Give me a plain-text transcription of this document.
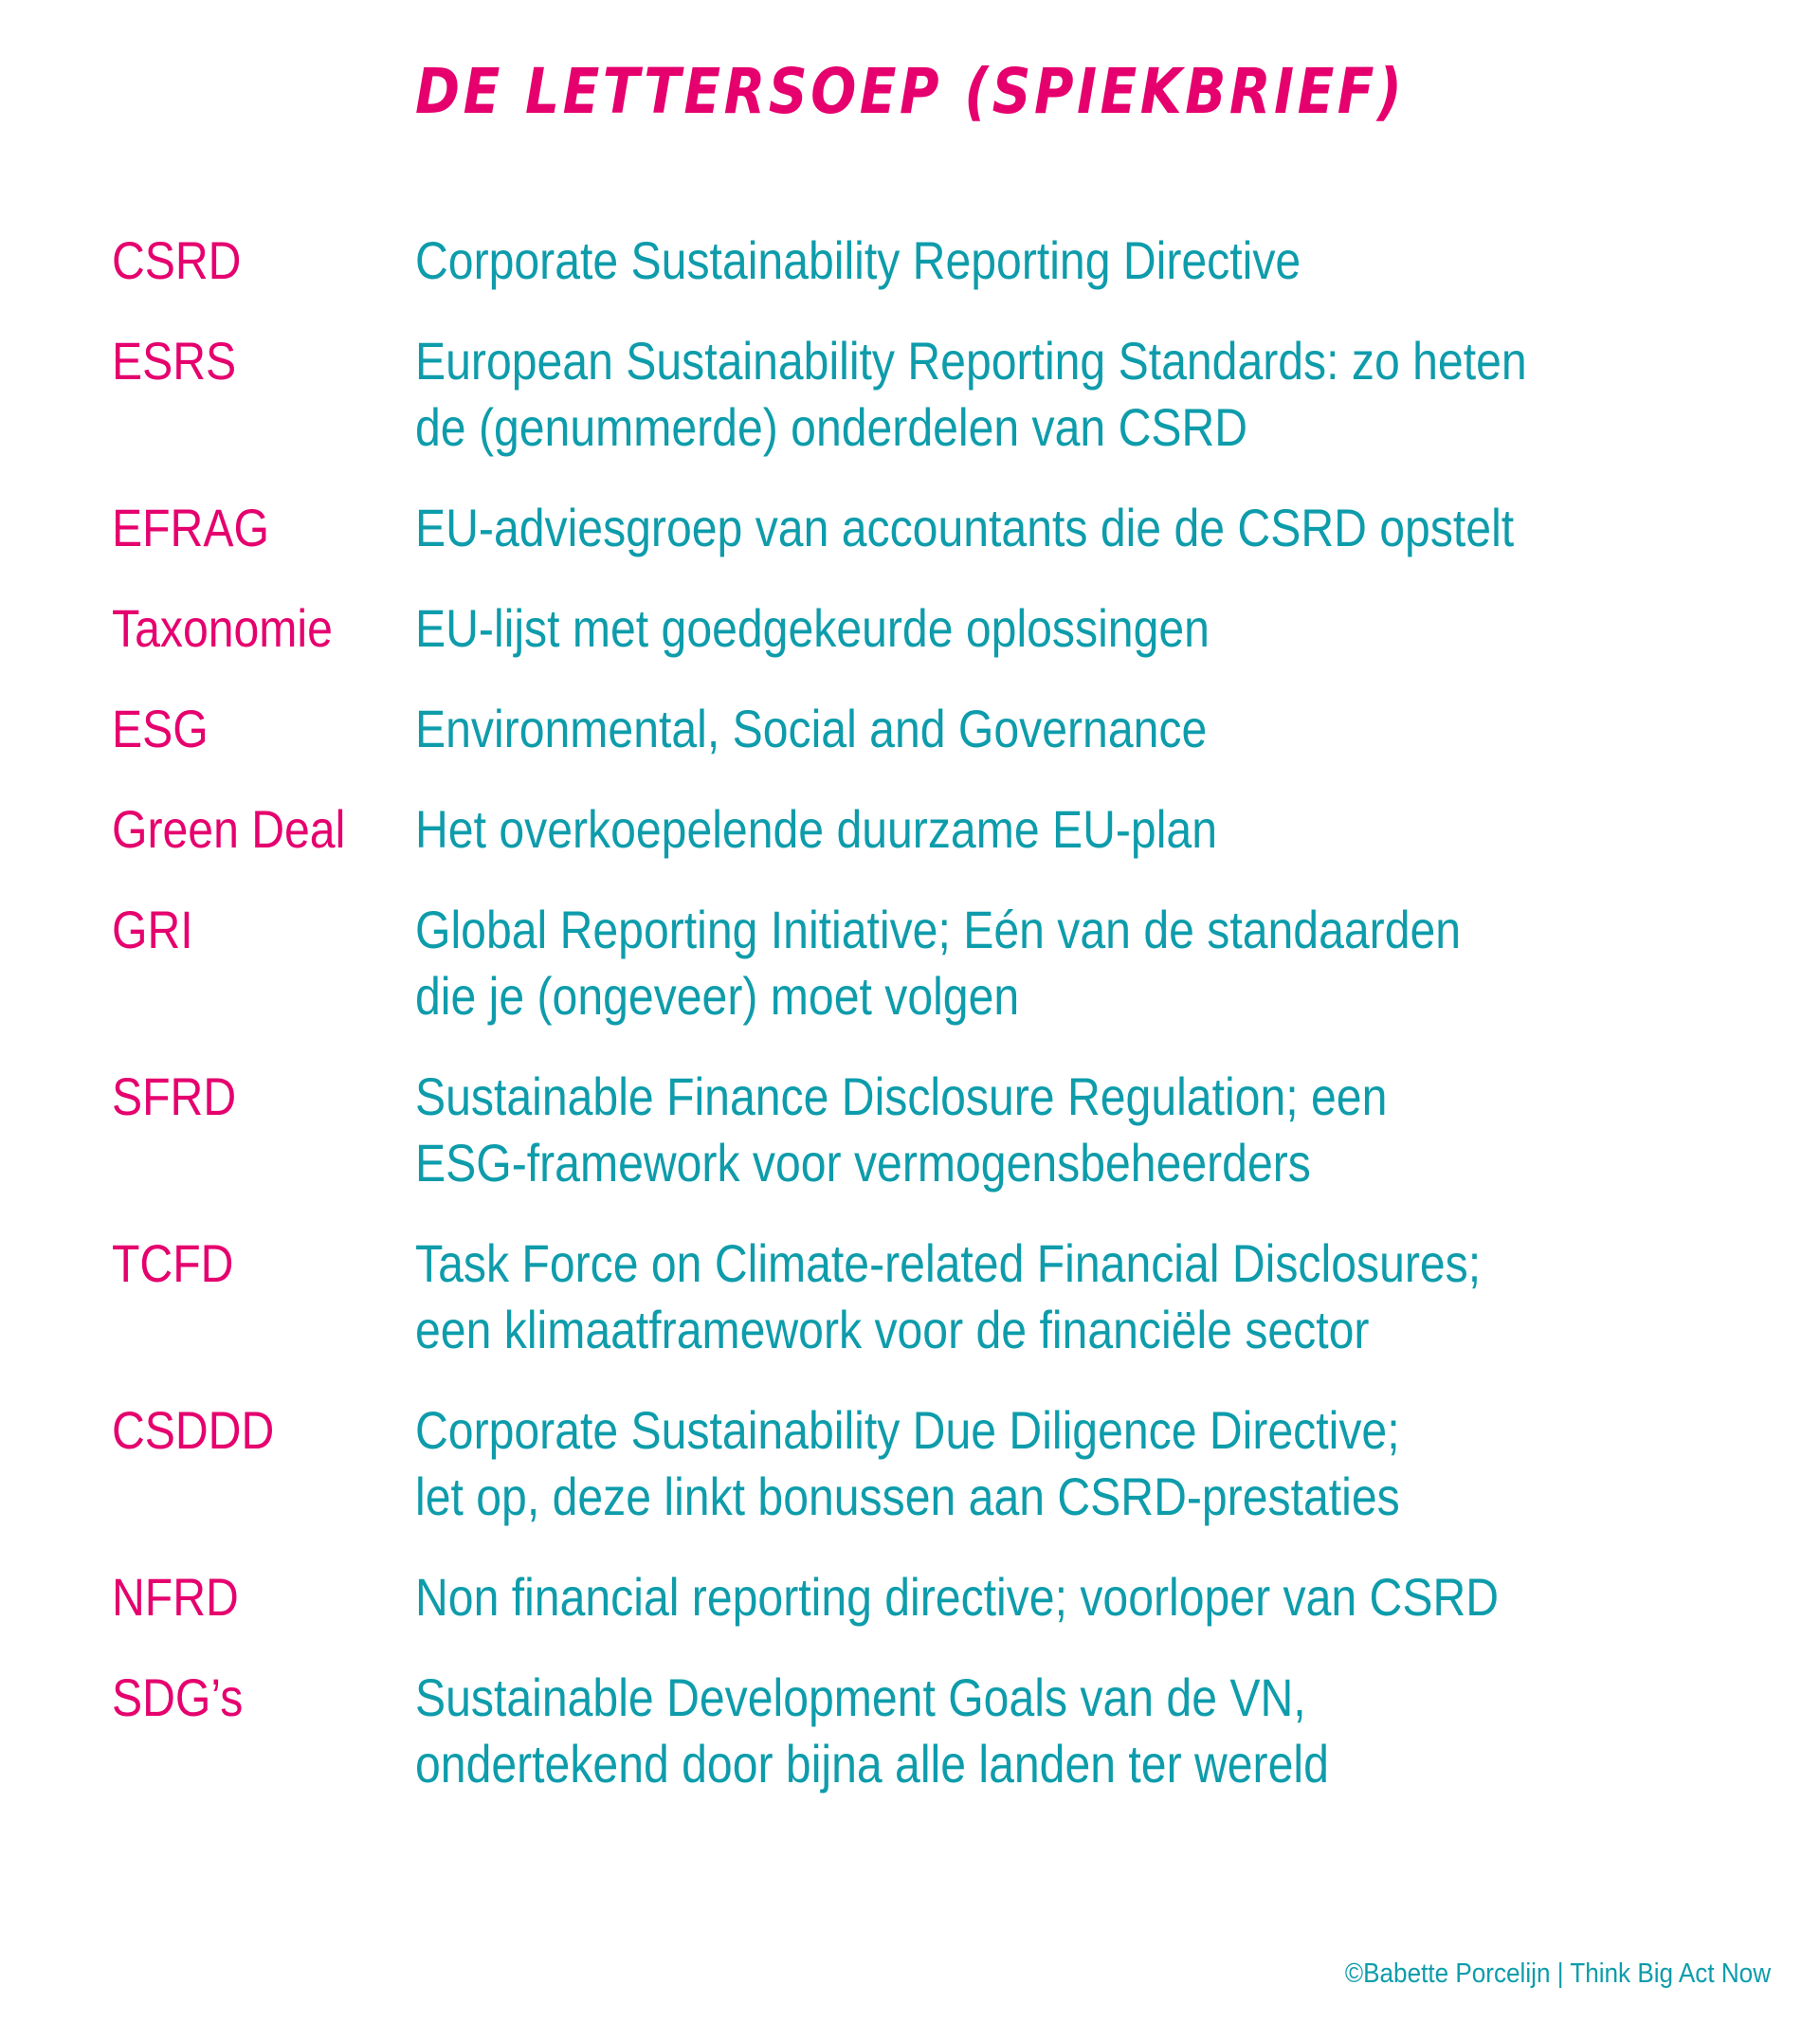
DE LETTERSOEP (SPIEKBRIEF)
CSRD	Corporate Sustainability Reporting Directive
ESRS	European Sustainability Reporting Standards: zo heten
de (genummerde) onderdelen van CSRD
EFRAG	EU-adviesgroep van accountants die de CSRD opstelt
Taxonomie	EU-lijst met goedgekeurde oplossingen
ESG	Environmental, Social and Governance
Green Deal	Het overkoepelende duurzame EU-plan
GRI	Global Reporting Initiative; Eén van de standaarden
die je (ongeveer) moet volgen
SFRD	Sustainable Finance Disclosure Regulation; een
ESG-framework voor vermogensbeheerders
TCFD	Task Force on Climate-related Financial Disclosures;
een klimaatframework voor de financiële sector
CSDDD	Corporate Sustainability Due Diligence Directive;
let op, deze linkt bonussen aan CSRD-prestaties
NFRD	Non financial reporting directive; voorloper van CSRD
SDG’s	Sustainable Development Goals van de VN,
ondertekend door bijna alle landen ter wereld
©Babette Porcelijn | Think Big Act Now
